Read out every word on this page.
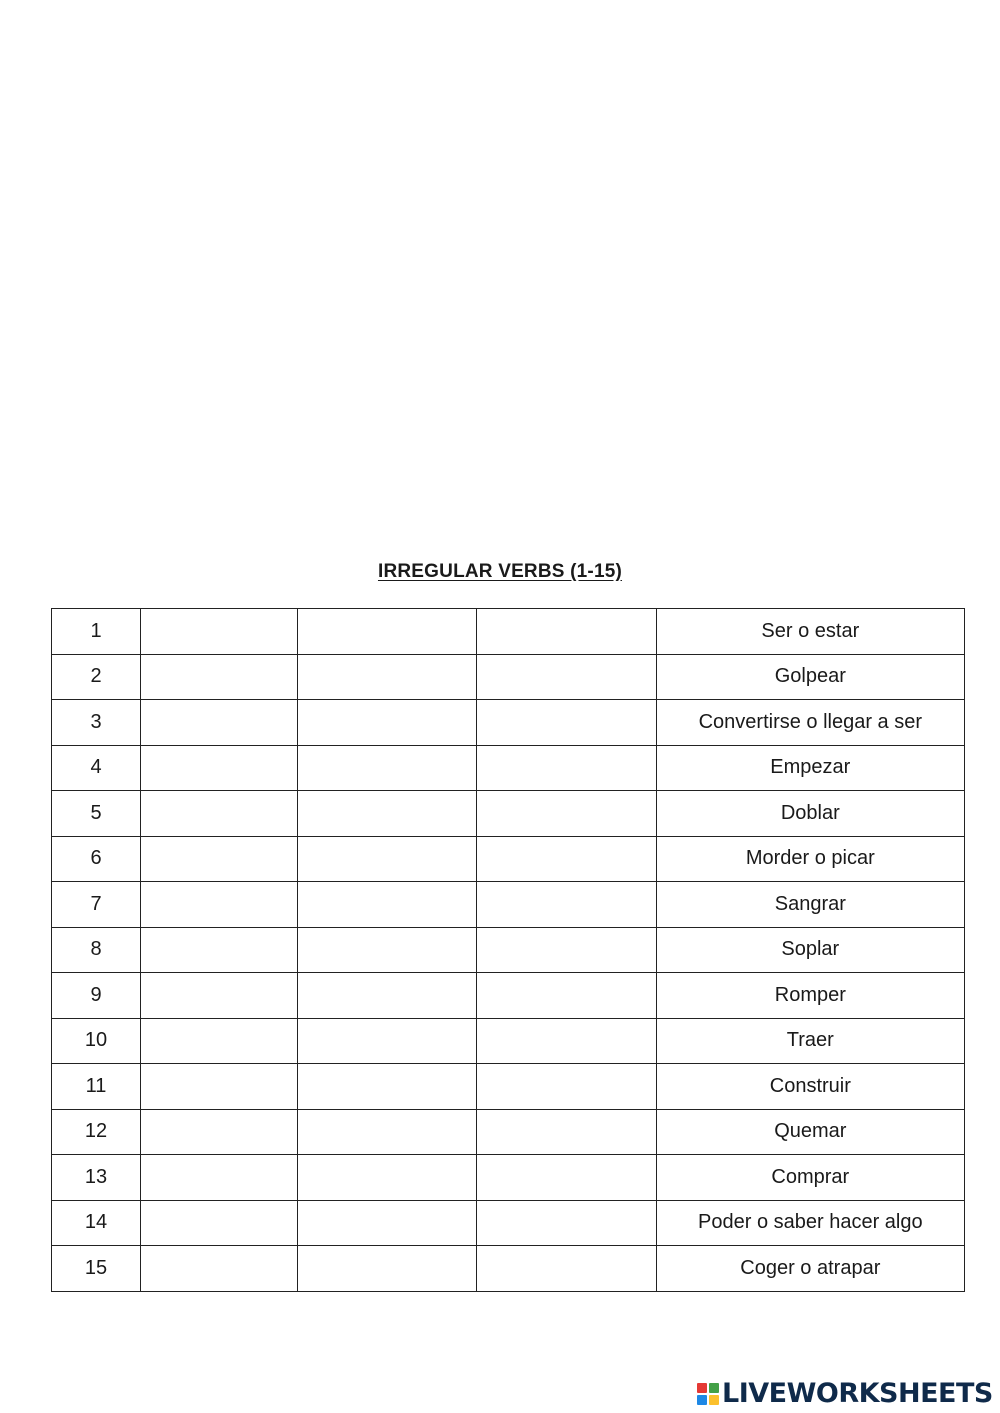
IRREGULAR VERBS (1-15)
1				Ser o estar
2				Golpear
3				Convertirse o llegar a ser
4				Empezar
5				Doblar
6				Morder o picar
7				Sangrar
8				Soplar
9				Romper
10				Traer
11				Construir
12				Quemar
13				Comprar
14				Poder o saber hacer algo
15				Coger o atrapar
LIVEWORKSHEETS
